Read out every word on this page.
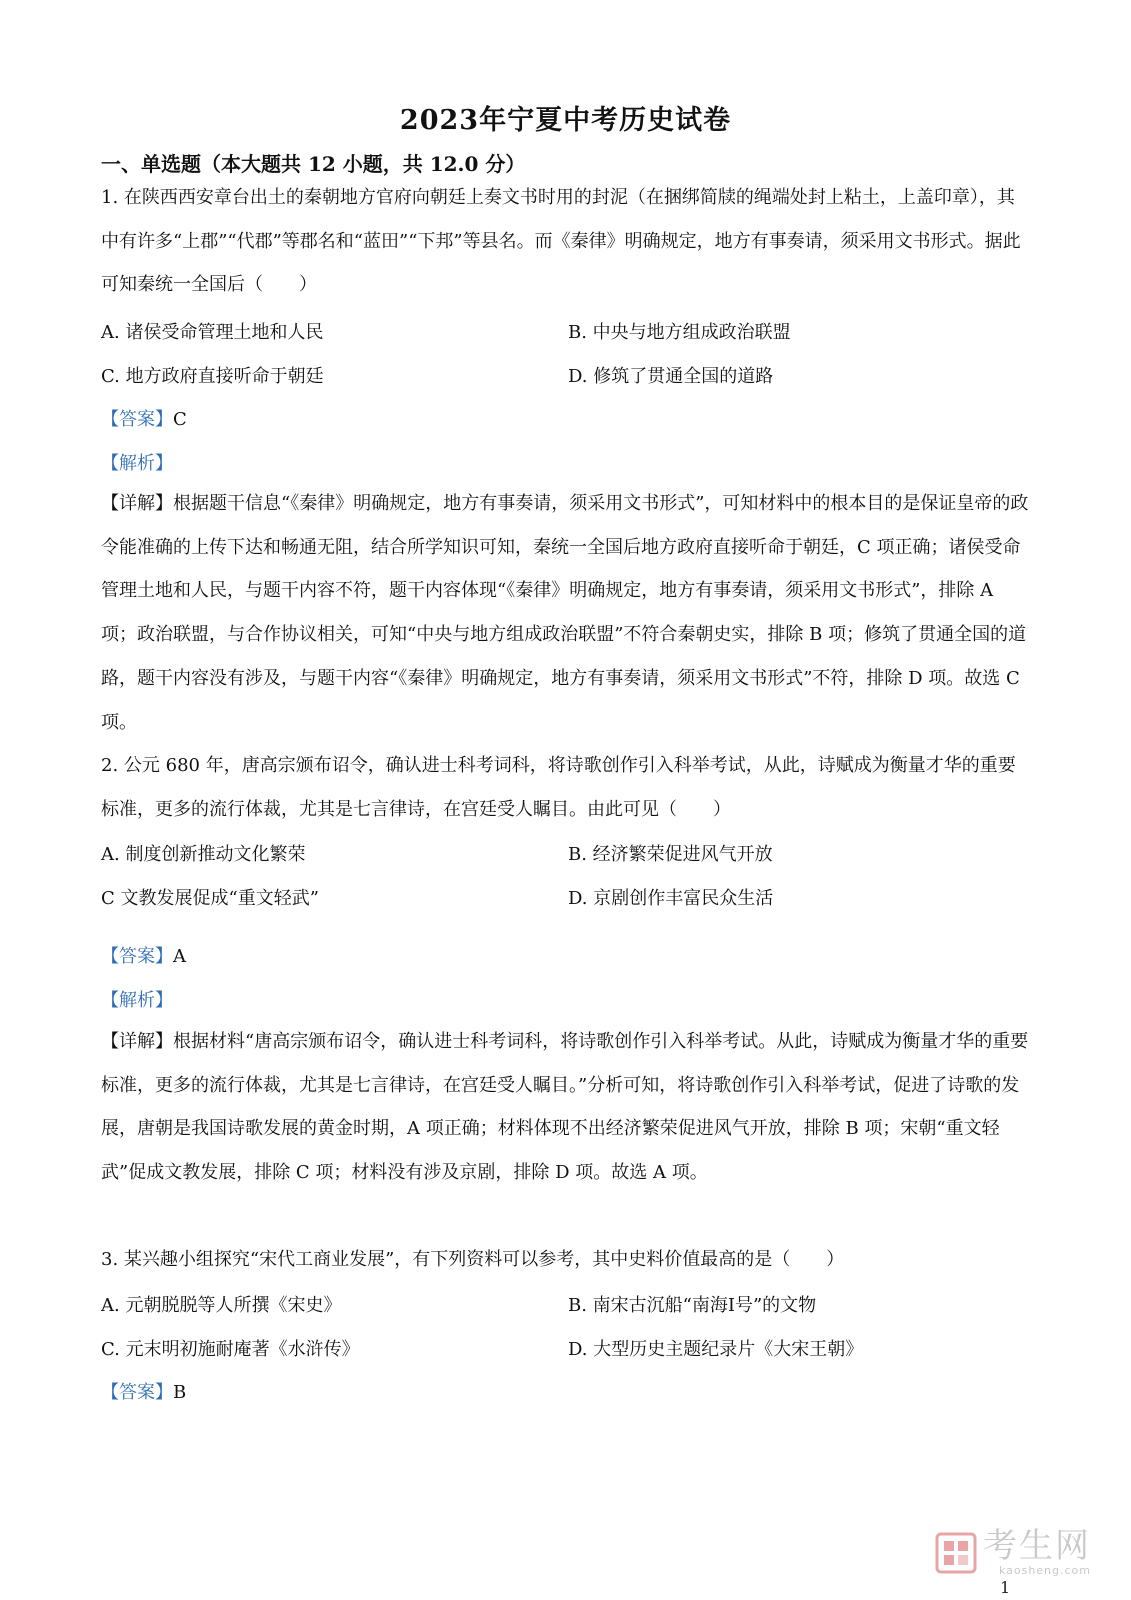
2023年宁夏中考历史试卷
一、单选题（本大题共 12 小题，共 12.0 分）

1. 在陕西西安章台出土的秦朝地方官府向朝廷上奏文书时用的封泥（在捆绑简牍的绳端处封上粘土，上盖印章），其中有许多“上郡”“代郡”等郡名和“蓝田”“下邦”等县名。而《秦律》明确规定，地方有事奏请，须采用文书形式。据此可知秦统一全国后（　　）

A. 诸侯受命管理土地和人民	B. 中央与地方组成政治联盟
C. 地方政府直接听命于朝廷	D. 修筑了贯通全国的道路
【答案】C
【解析】

【详解】根据题干信息“《秦律》明确规定，地方有事奏请，须采用文书形式”，可知材料中的根本目的是保证皇帝的政令能准确的上传下达和畅通无阻，结合所学知识可知，秦统一全国后地方政府直接听命于朝廷，C 项正确；诸侯受命管理土地和人民，与题干内容不符，题干内容体现“《秦律》明确规定，地方有事奏请，须采用文书形式”，排除 A 项；政治联盟，与合作协议相关，可知“中央与地方组成政治联盟”不符合秦朝史实，排除 B 项；修筑了贯通全国的道路，题干内容没有涉及，与题干内容“《秦律》明确规定，地方有事奏请，须采用文书形式”不符，排除 D 项。故选 C 项。

2. 公元 680 年，唐高宗颁布诏令，确认进士科考词科，将诗歌创作引入科举考试，从此，诗赋成为衡量才华的重要标准，更多的流行体裁，尤其是七言律诗，在宫廷受人瞩目。由此可见（　　）

A. 制度创新推动文化繁荣	B. 经济繁荣促进风气开放
C 文教发展促成“重文轻武”	D. 京剧创作丰富民众生活
【答案】A
【解析】

【详解】根据材料“唐高宗颁布诏令，确认进士科考词科，将诗歌创作引入科举考试。从此，诗赋成为衡量才华的重要标准，更多的流行体裁，尤其是七言律诗，在宫廷受人瞩目。”分析可知，将诗歌创作引入科举考试，促进了诗歌的发展，唐朝是我国诗歌发展的黄金时期，A 项正确；材料体现不出经济繁荣促进风气开放，排除 B 项；宋朝“重文轻武”促成文教发展，排除 C 项；材料没有涉及京剧，排除 D 项。故选 A 项。

3. 某兴趣小组探究“宋代工商业发展”，有下列资料可以参考，其中史料价值最高的是（　　）

A. 元朝脱脱等人所撰《宋史》	B. 南宋古沉船“南海Ⅰ号”的文物
C. 元末明初施耐庵著《水浒传》	D. 大型历史主题纪录片《大宋王朝》
【答案】B
考生网
kaosheng.com
1
